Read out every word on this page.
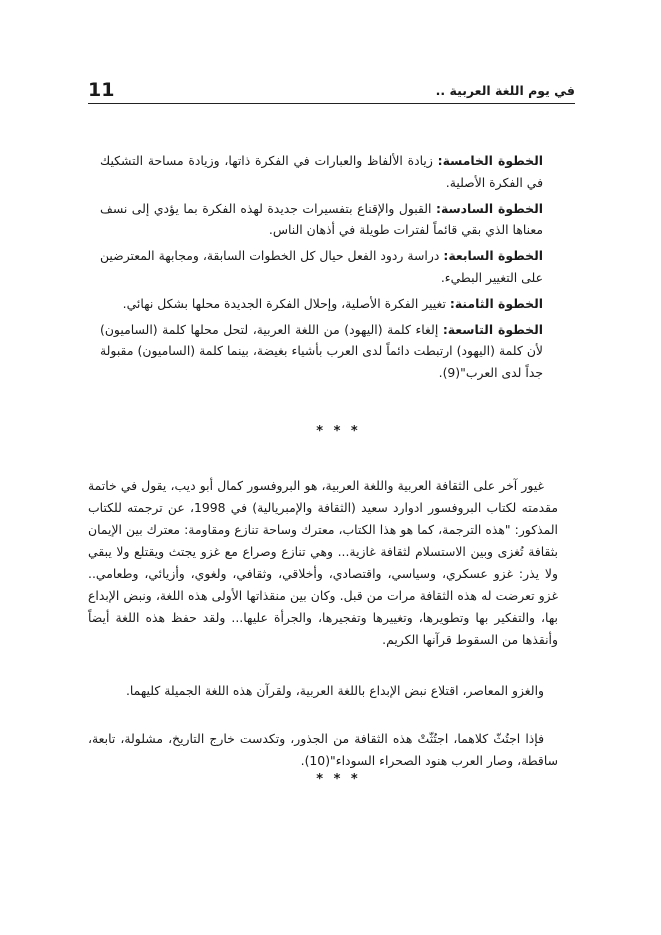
11	في يوم اللغة العربية ..

الخطوة الخامسة: زيادة الألفاظ والعبارات في الفكرة ذاتها، وزيادة مساحة التشكيك في الفكرة الأصلية.

الخطوة السادسة: القبول والإقناع بتفسيرات جديدة لهذه الفكرة بما يؤدي إلى نسف معناها الذي بقي قائماً لفترات طويلة في أذهان الناس.

الخطوة السابعة: دراسة ردود الفعل حيال كل الخطوات السابقة، ومجابهة المعترضين على التغيير البطيء.

الخطوة الثامنة: تغيير الفكرة الأصلية، وإحلال الفكرة الجديدة محلها بشكل نهائي.

الخطوة التاسعة: إلغاء كلمة (اليهود) من اللغة العربية، لتحل محلها كلمة (الساميون) لأن كلمة (اليهود) ارتبطت دائماً لدى العرب بأشياء بغيضة، بينما كلمة (الساميون) مقبولة جداً لدى العرب"(9).

* * *

غيور آخر على الثقافة العربية واللغة العربية، هو البروفسور كمال أبو ديب، يقول في خاتمة مقدمته لكتاب البروفسور ادوارد سعيد (الثقافة والإمبريالية) في 1998، عن ترجمته للكتاب المذكور: "هذه الترجمة، كما هو هذا الكتاب، معترك وساحة تنازع ومقاومة: معترك بين الإيمان بثقافة تُغزى وبين الاستسلام لثقافة غازية... وهي تنازع وصراع مع غزو يجتث ويقتلع ولا يبقي ولا يذر: غزو عسكري، وسياسي، واقتصادي، وأخلاقي، وثقافي، ولغوي، وأزيائي، وطعامي.. غزو تعرضت له هذه الثقافة مرات من قبل. وكان بين منقذاتها الأولى هذه اللغة، ونبض الإبداع بها، والتفكير بها وتطويرها، وتغييرها وتفجيرها، والجرأة عليها... ولقد حفظ هذه اللغة أيضاً وأنقذها من السقوط قرآنها الكريم.

والغزو المعاصر، اقتلاع نبض الإبداع باللغة العربية، ولقرآن هذه اللغة الجميلة كليهما.

فإذا اجتُثّ كلاهما، اجتُثّتْ هذه الثقافة من الجذور، وتكدست خارج التاريخ، مشلولة، تابعة، ساقطة، وصار العرب هنود الصحراء السوداء"(10).

* * *
